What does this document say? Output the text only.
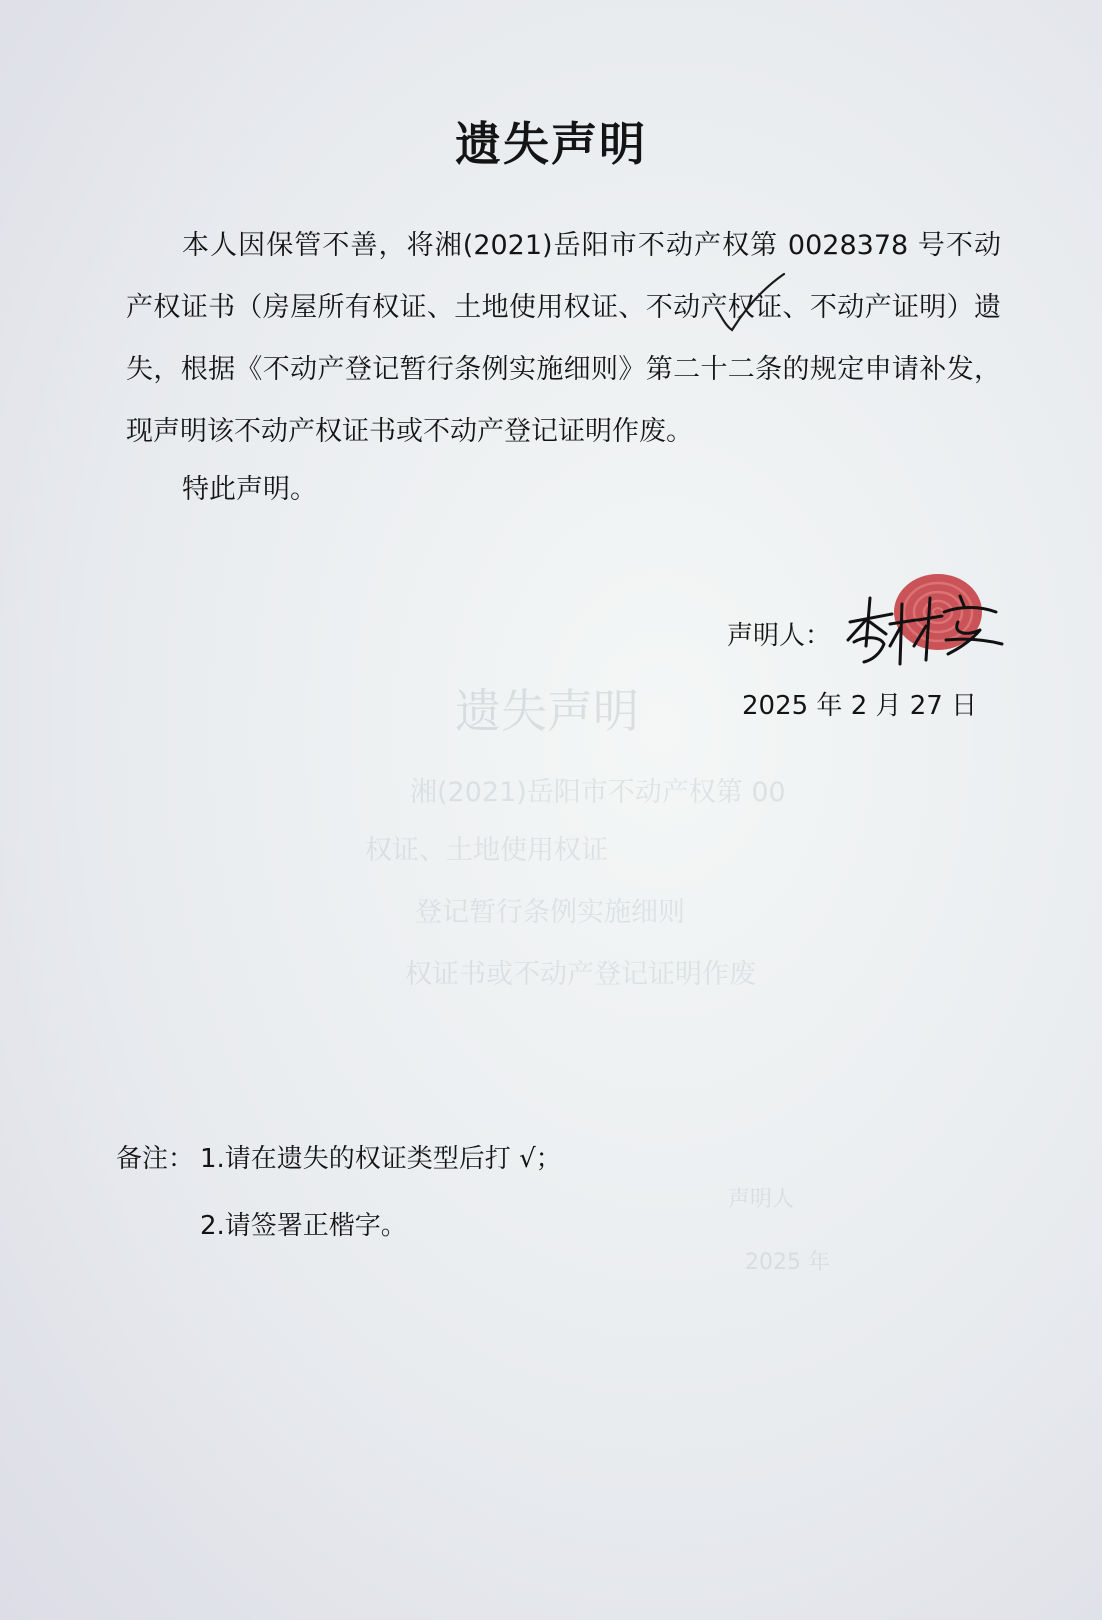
遗失声明
湘(2021)岳阳市不动产权第 00
权证、土地使用权证
登记暂行条例实施细则
权证书或不动产登记证明作废
声明人
2025 年
遗失声明

本人因保管不善，将湘(2021)岳阳市不动产权第 0028378 号不动产权证书（房屋所有权证、土地使用权证、不动产权证、不动产证明）遗失，根据《不动产登记暂行条例实施细则》第二十二条的规定申请补发，现声明该不动产权证书或不动产登记证明作废。

特此声明。
声明人：
2025 年 2 月 27 日
备注： 1.请在遗失的权证类型后打 √；
2.请签署正楷字。
